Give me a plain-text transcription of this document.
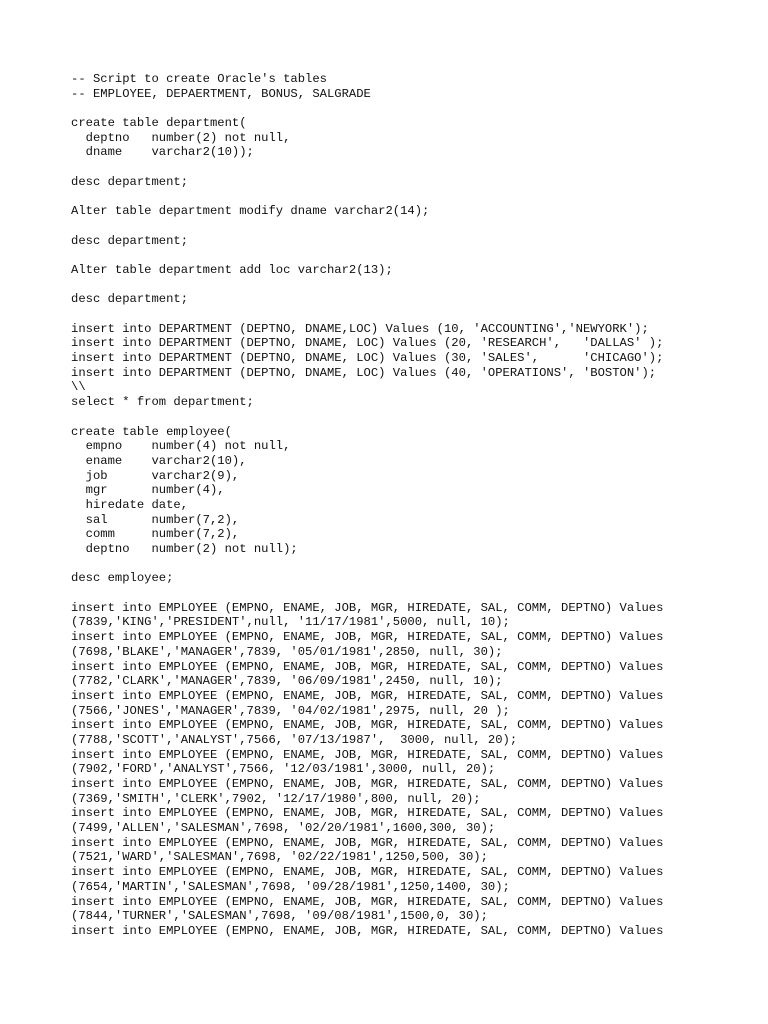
-- Script to create Oracle's tables
-- EMPLOYEE, DEPAERTMENT, BONUS, SALGRADE
create table department(
deptno   number(2) not null,
dname    varchar2(10));
desc department;
Alter table department modify dname varchar2(14);
desc department;
Alter table department add loc varchar2(13);
desc department;
insert into DEPARTMENT (DEPTNO, DNAME,LOC) Values (10, 'ACCOUNTING','NEWYORK');
insert into DEPARTMENT (DEPTNO, DNAME, LOC) Values (20, 'RESEARCH',   'DALLAS' );
insert into DEPARTMENT (DEPTNO, DNAME, LOC) Values (30, 'SALES',      'CHICAGO');
insert into DEPARTMENT (DEPTNO, DNAME, LOC) Values (40, 'OPERATIONS', 'BOSTON');
\\
select * from department;
create table employee(
empno    number(4) not null,
ename    varchar2(10),
job      varchar2(9),
mgr      number(4),
hiredate date,
sal      number(7,2),
comm     number(7,2),
deptno   number(2) not null);
desc employee;
insert into EMPLOYEE (EMPNO, ENAME, JOB, MGR, HIREDATE, SAL, COMM, DEPTNO) Values
(7839,'KING','PRESIDENT',null, '11/17/1981',5000, null, 10);
insert into EMPLOYEE (EMPNO, ENAME, JOB, MGR, HIREDATE, SAL, COMM, DEPTNO) Values
(7698,'BLAKE','MANAGER',7839, '05/01/1981',2850, null, 30);
insert into EMPLOYEE (EMPNO, ENAME, JOB, MGR, HIREDATE, SAL, COMM, DEPTNO) Values
(7782,'CLARK','MANAGER',7839, '06/09/1981',2450, null, 10);
insert into EMPLOYEE (EMPNO, ENAME, JOB, MGR, HIREDATE, SAL, COMM, DEPTNO) Values
(7566,'JONES','MANAGER',7839, '04/02/1981',2975, null, 20 );
insert into EMPLOYEE (EMPNO, ENAME, JOB, MGR, HIREDATE, SAL, COMM, DEPTNO) Values
(7788,'SCOTT','ANALYST',7566, '07/13/1987',  3000, null, 20);
insert into EMPLOYEE (EMPNO, ENAME, JOB, MGR, HIREDATE, SAL, COMM, DEPTNO) Values
(7902,'FORD','ANALYST',7566, '12/03/1981',3000, null, 20);
insert into EMPLOYEE (EMPNO, ENAME, JOB, MGR, HIREDATE, SAL, COMM, DEPTNO) Values
(7369,'SMITH','CLERK',7902, '12/17/1980',800, null, 20);
insert into EMPLOYEE (EMPNO, ENAME, JOB, MGR, HIREDATE, SAL, COMM, DEPTNO) Values
(7499,'ALLEN','SALESMAN',7698, '02/20/1981',1600,300, 30);
insert into EMPLOYEE (EMPNO, ENAME, JOB, MGR, HIREDATE, SAL, COMM, DEPTNO) Values
(7521,'WARD','SALESMAN',7698, '02/22/1981',1250,500, 30);
insert into EMPLOYEE (EMPNO, ENAME, JOB, MGR, HIREDATE, SAL, COMM, DEPTNO) Values
(7654,'MARTIN','SALESMAN',7698, '09/28/1981',1250,1400, 30);
insert into EMPLOYEE (EMPNO, ENAME, JOB, MGR, HIREDATE, SAL, COMM, DEPTNO) Values
(7844,'TURNER','SALESMAN',7698, '09/08/1981',1500,0, 30);
insert into EMPLOYEE (EMPNO, ENAME, JOB, MGR, HIREDATE, SAL, COMM, DEPTNO) Values
